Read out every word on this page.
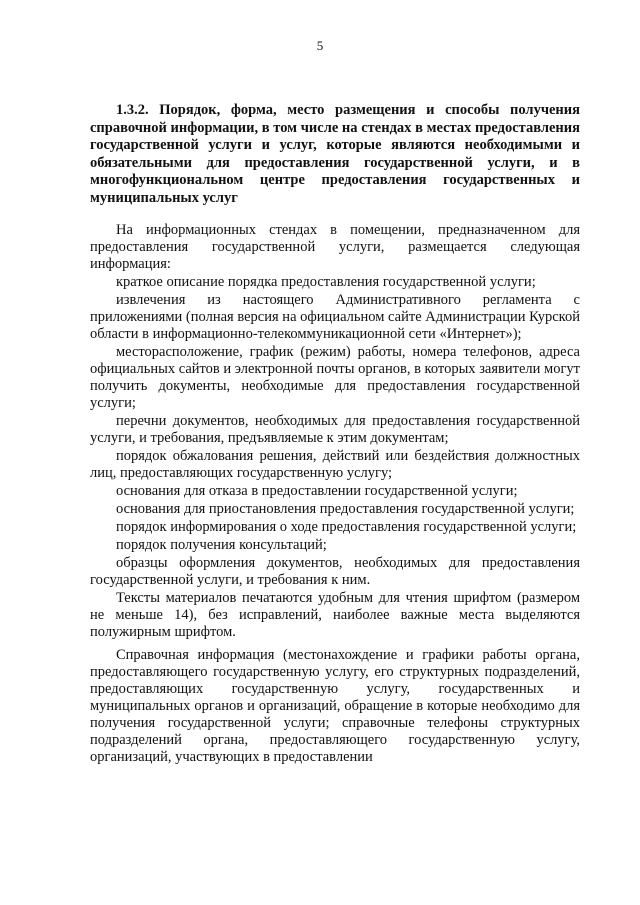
5

1.3.2. Порядок, форма, место размещения и способы получения справочной информации, в том числе на стендах в местах предоставления государственной услуги и услуг, которые являются необходимыми и обязательными для предоставления государственной услуги, и в многофункциональном центре предоставления государственных и муниципальных услуг

На информационных стендах в помещении, предназначенном для предоставления государственной услуги, размещается следующая информация:

краткое описание порядка предоставления государственной услуги;

извлечения из настоящего Административного регламента с приложениями (полная версия на официальном сайте Администрации Курской области в информационно-телекоммуникационной сети «Интернет»);

месторасположение, график (режим) работы, номера телефонов, адреса официальных сайтов и электронной почты органов, в которых заявители могут получить документы, необходимые для предоставления государственной услуги;

перечни документов, необходимых для предоставления государственной услуги, и требования, предъявляемые к этим документам;

порядок обжалования решения, действий или бездействия должностных лиц, предоставляющих государственную услугу;

основания для отказа в предоставлении государственной услуги;

основания для приостановления предоставления государственной услуги;

порядок информирования о ходе предоставления государственной услуги;

порядок получения консультаций;

образцы оформления документов, необходимых для предоставления государственной услуги, и требования к ним.

Тексты материалов печатаются удобным для чтения шрифтом (размером не меньше 14), без исправлений, наиболее важные места выделяются полужирным шрифтом.

Справочная информация (местонахождение и графики работы органа, предоставляющего государственную услугу, его структурных подразделений, предоставляющих государственную услугу, государственных и муниципальных органов и организаций, обращение в которые необходимо для получения государственной услуги; справочные телефоны структурных подразделений органа, предоставляющего государственную услугу, организаций, участвующих в предоставлении
